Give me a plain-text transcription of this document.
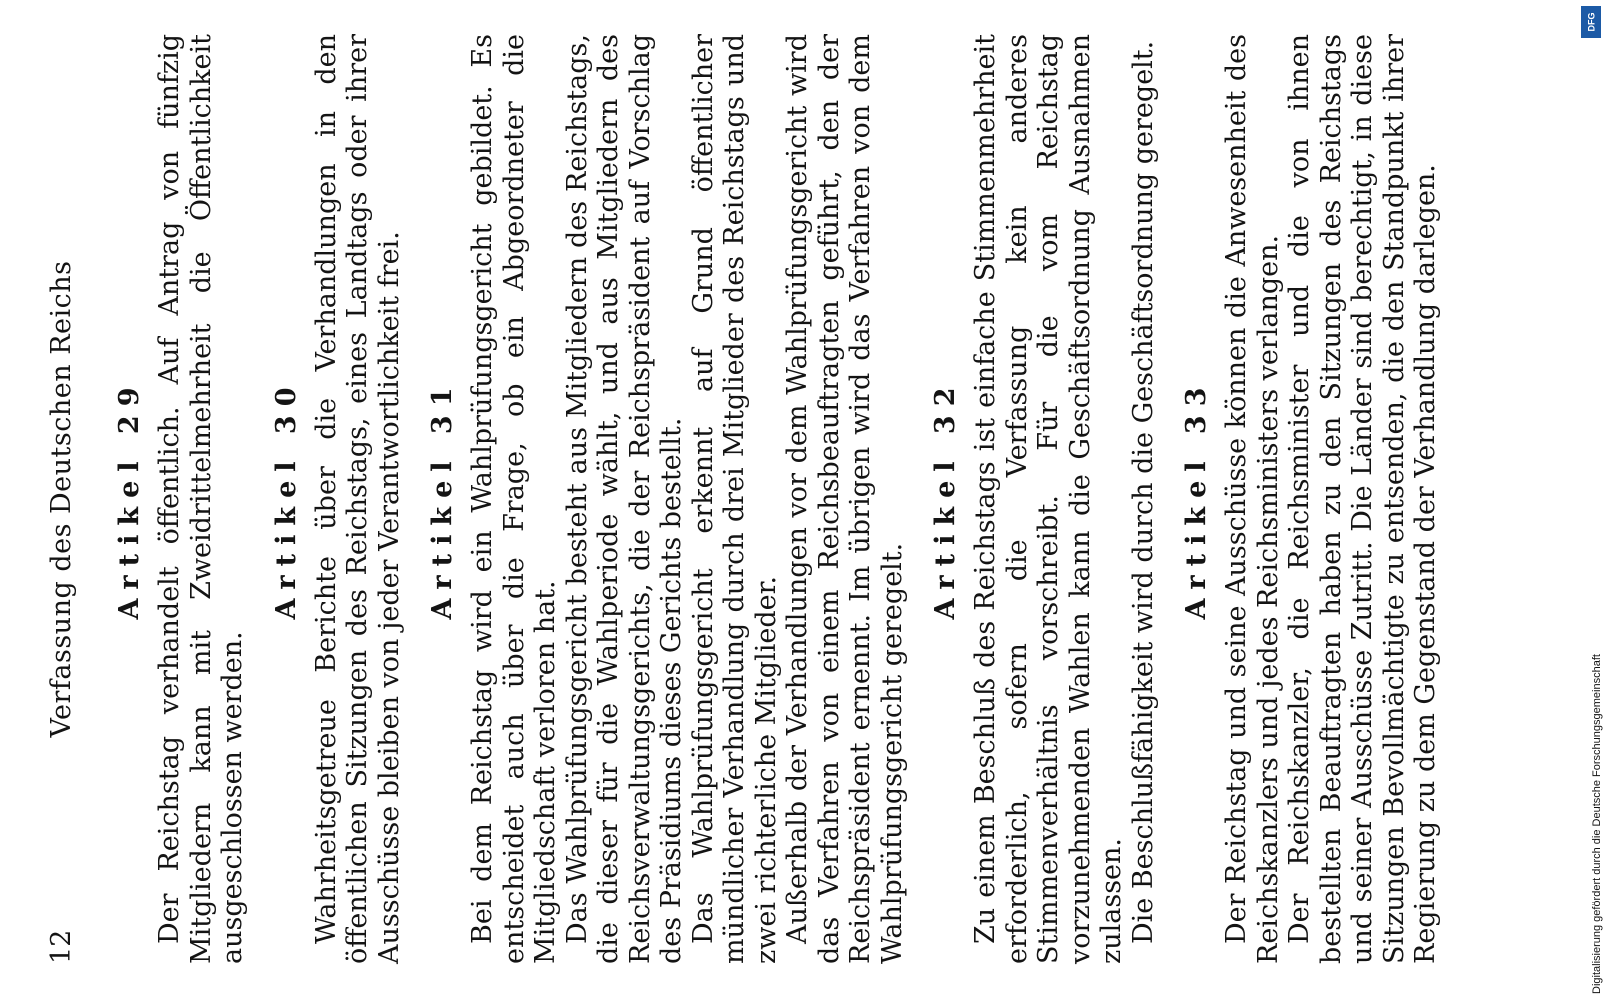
12
Verfassung des Deutschen Reichs Artikel 29 Der Reichstag verhandelt öffentlich. Auf Antrag von fünfzig Mitgliedern kann mit Zweidrittelmehrheit die Öffentlichkeit ausgeschlossen werden.

Artikel 30 Wahrheitsgetreue Berichte über die Verhandlungen in den öffentlichen Sitzungen des Reichstags, eines Landtags oder ihrer Ausschüsse bleiben von jeder Verantwortlichkeit frei. Artikel 31 Bei dem Reichstag wird ein Wahlprüfungsgericht gebildet. Es entscheidet auch über die Frage, ob ein Abgeordneter die Mitgliedschaft verloren hat. Das Wahlprüfungsgericht besteht aus Mitgliedern des Reichstags, die dieser für die Wahlperiode wählt, und aus Mitgliedern des Reichsverwaltungsgerichts, die der Reichspräsident auf Vorschlag des Präsidiums dieses Gerichts bestellt. Das Wahlprüfungsgericht erkennt auf Grund öffentlicher mündlicher Verhandlung durch drei Mitglieder des Reichstags und zwei richterliche Mitglieder. Außerhalb der Verhandlungen vor dem Wahlprüfungsgericht wird das Verfahren von einem Reichsbeauftragten geführt, den der Reichspräsident ernennt. Im übrigen wird das Verfahren von dem Wahlprüfungsgericht geregelt.

Artikel 32 Zu einem Beschluß des Reichstags ist einfache Stimmenmehrheit erforderlich, sofern die Verfassung kein anderes Stimmenverhältnis vorschreibt. Für die vom Reichstag vorzunehmenden Wahlen kann die Geschäftsordnung Ausnahmen zulassen. Die Beschlußfähigkeit wird durch die Geschäftsordnung geregelt. Artikel 33 Der Reichstag und seine Ausschüsse können die Anwesenheit des Reichskanzlers und jedes Reichsministers verlangen. Der Reichskanzler, die Reichsminister und die von ihnen bestellten Beauftragten haben zu den Sitzungen des Reichstags und seiner Ausschüsse Zutritt. Die Länder sind berechtigt, in diese Sitzungen Bevollmächtigte zu entsenden, die den Standpunkt ihrer Regierung zu dem Gegenstand der Verhandlung darlegen.	Digitalisierung gefördert durch die Deutsche Forschungsgemeinschaft
DFG
